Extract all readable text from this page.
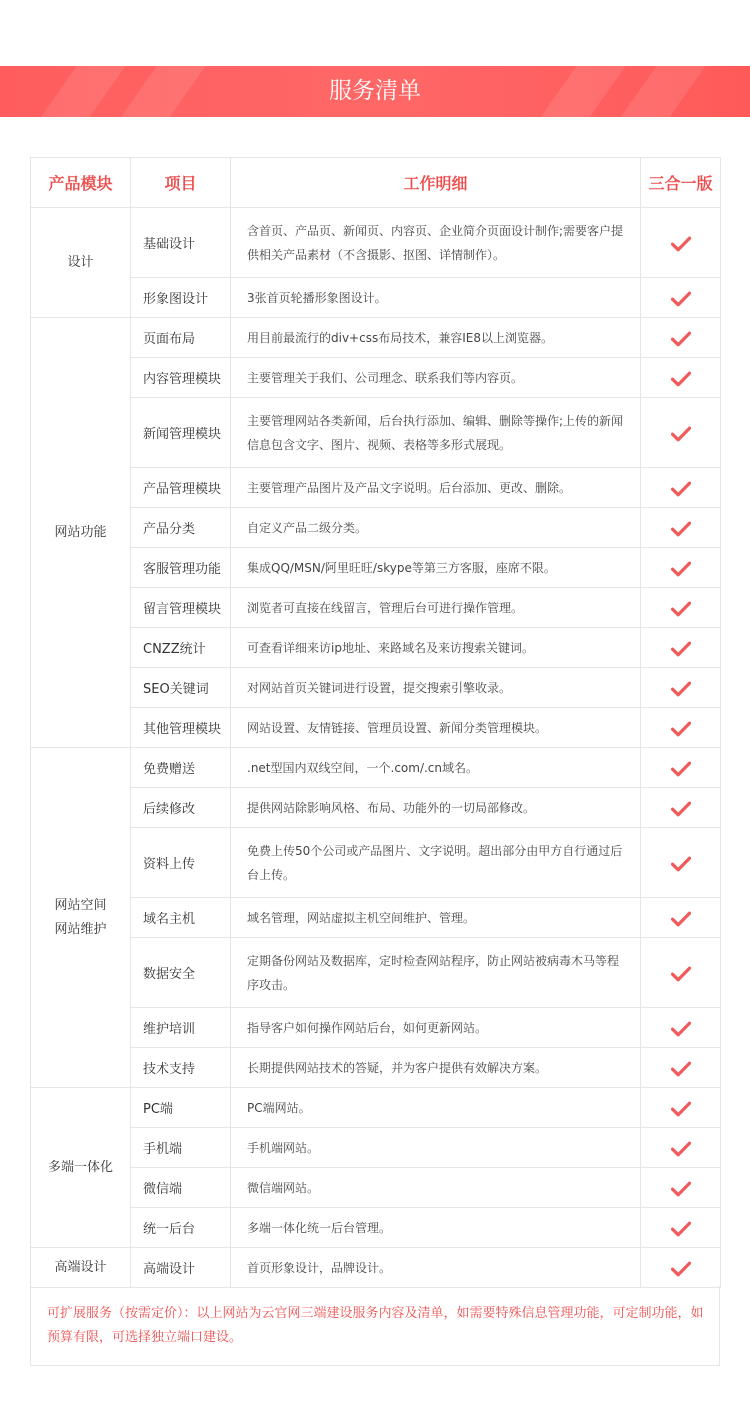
服务清单
产品模块	项目	工作明细	三合一版

设计	基础设计	含首页、产品页、新闻页、内容页、企业简介页面设计制作;需要客户提供相关产品素材（不含摄影、抠图、详情制作）。	
	形象图设计	3张首页轮播形象图设计。	

网站功能	页面布局	用目前最流行的div+css布局技术，兼容IE8以上浏览器。	
	内容管理模块	主要管理关于我们、公司理念、联系我们等内容页。	
	新闻管理模块	主要管理网站各类新闻，后台执行添加、编辑、删除等操作;上传的新闻信息包含文字、图片、视频、表格等多形式展现。	
	产品管理模块	主要管理产品图片及产品文字说明。后台添加、更改、删除。	
	产品分类	自定义产品二级分类。	
	客服管理功能	集成QQ/MSN/阿里旺旺/skype等第三方客服，座席不限。	
	留言管理模块	浏览者可直接在线留言，管理后台可进行操作管理。	
	CNZZ统计	可查看详细来访ip地址、来路域名及来访搜索关键词。	
	SEO关键词	对网站首页关键词进行设置，提交搜索引擎收录。	
	其他管理模块	网站设置、友情链接、管理员设置、新闻分类管理模块。	

网站空间
网站维护	免费赠送	.net型国内双线空间，一个.com/.cn域名。	
	后续修改	提供网站除影响风格、布局、功能外的一切局部修改。	
	资料上传	免费上传50个公司或产品图片、文字说明。超出部分由甲方自行通过后台上传。	
	域名主机	域名管理，网站虚拟主机空间维护、管理。	
	数据安全	定期备份网站及数据库，定时检查网站程序，防止网站被病毒木马等程序攻击。	
	维护培训	指导客户如何操作网站后台，如何更新网站。	
	技术支持	长期提供网站技术的答疑，并为客户提供有效解决方案。	

多端一体化	PC端	PC端网站。	
	手机端	手机端网站。	
	微信端	微信端网站。	
	统一后台	多端一体化统一后台管理。	

高端设计	高端设计	首页形象设计，品牌设计。	
可扩展服务（按需定价）：以上网站为云官网三端建设服务内容及清单，如需要特殊信息管理功能，可定制功能，如预算有限，可选择独立端口建设。
